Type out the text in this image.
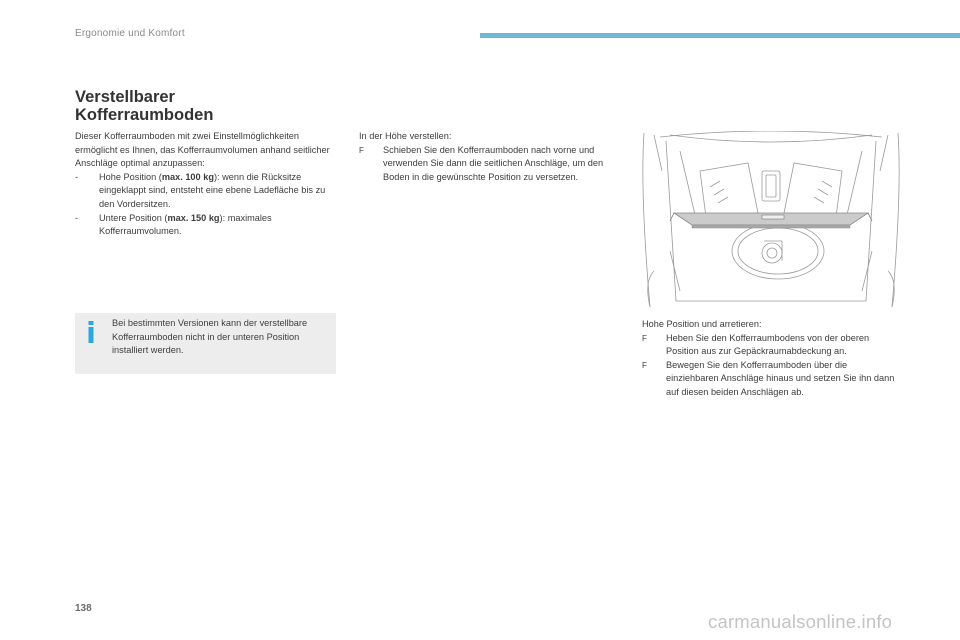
Ergonomie und Komfort
Verstellbarer
Kofferraumboden

Dieser Kofferraumboden mit zwei Einstellmöglichkeiten ermöglicht es Ihnen, das Kofferraumvolumen anhand seitlicher Anschläge optimal anzupassen:

-	Hohe Position (max. 100 kg): wenn die Rücksitze eingeklappt sind, entsteht eine ebene Ladefläche bis zu den Vordersitzen.
-	Untere Position (max. 150 kg): maximales Kofferraumvolumen.
Bei bestimmten Versionen kann der verstellbare Kofferraumboden nicht in der unteren Position installiert werden.

In der Höhe verstellen:

F	Schieben Sie den Kofferraumboden nach vorne und verwenden Sie dann die seitlichen Anschläge, um den Boden in die gewünschte Position zu versetzen.

Hohe Position und arretieren:

F	Heben Sie den Kofferraumbodens von der oberen Position aus zur Gepäckraumabdeckung an.
F	Bewegen Sie den Kofferraumboden über die einziehbaren Anschläge hinaus und setzen Sie ihn dann auf diesen beiden Anschlägen ab.
138
carmanualsonline.info
